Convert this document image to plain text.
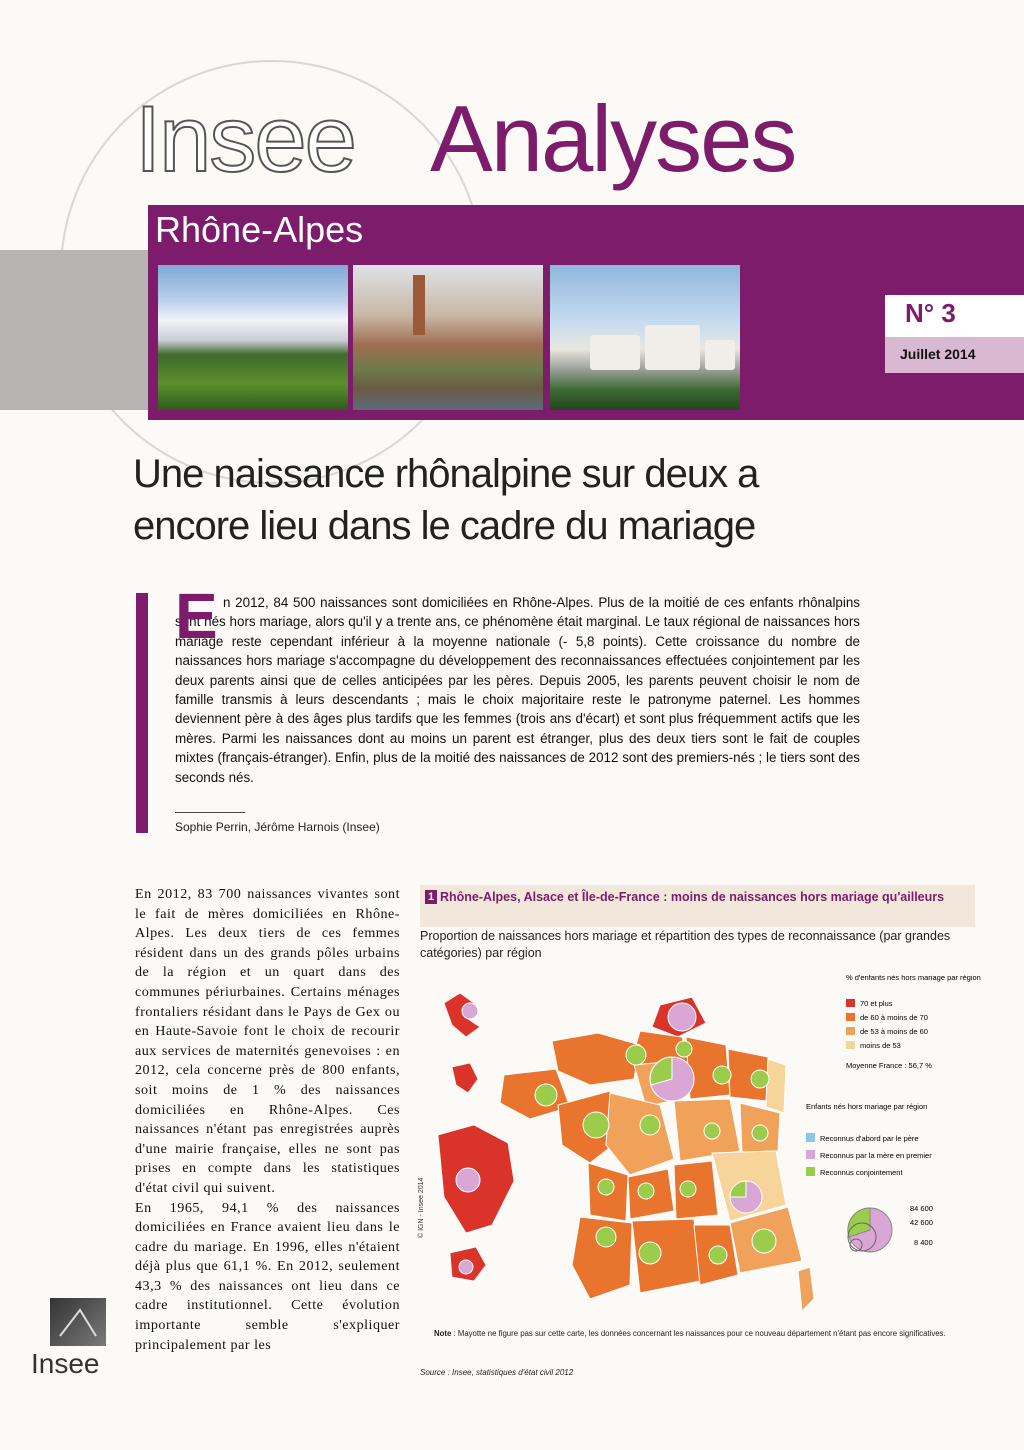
Insee Analyses
Rhône-Alpes
N° 3
Juillet 2014
Une naissance rhônalpine sur deux a encore lieu dans le cadre du mariage
n 2012, 84 500 naissances sont domiciliées en Rhône-Alpes. Plus de la moitié de ces enfants rhônalpins sont nés hors mariage, alors qu'il y a trente ans, ce phénomène était marginal. Le taux régional de naissances hors mariage reste cependant inférieur à la moyenne nationale (- 5,8 points). Cette croissance du nombre de naissances hors mariage s'accompagne du développement des reconnaissances effectuées conjointement par les deux parents ainsi que de celles anticipées par les pères. Depuis 2005, les parents peuvent choisir le nom de famille transmis à leurs descendants ; mais le choix majoritaire reste le patronyme paternel. Les hommes deviennent père à des âges plus tardifs que les femmes (trois ans d'écart) et sont plus fréquemment actifs que les mères. Parmi les naissances dont au moins un parent est étranger, plus des deux tiers sont le fait de couples mixtes (français-étranger). Enfin, plus de la moitié des naissances de 2012 sont des premiers-nés ; le tiers sont des seconds nés.
E
Sophie Perrin, Jérôme Harnois (Insee)

En 2012, 83 700 naissances vivantes sont le fait de mères domiciliées en Rhône-Alpes. Les deux tiers de ces femmes résident dans un des grands pôles urbains de la région et un quart dans des communes périurbaines. Certains ménages frontaliers résidant dans le Pays de Gex ou en Haute-Savoie font le choix de recourir aux services de maternités genevoises : en 2012, cela concerne près de 800 enfants, soit moins de 1 % des naissances domiciliées en Rhône-Alpes. Ces naissances n'étant pas enregistrées auprès d'une mairie française, elles ne sont pas prises en compte dans les statistiques d'état civil qui suivent.

En 1965, 94,1 % des naissances domiciliées en France avaient lieu dans le cadre du mariage. En 1996, elles n'étaient déjà plus que 61,1 %. En 2012, seulement 43,3 % des naissances ont lieu dans ce cadre institutionnel. Cette évolution importante semble s'expliquer principalement par les

Insee
1 Rhône-Alpes, Alsace et Île-de-France : moins de naissances hors mariage qu'ailleurs
Proportion de naissances hors mariage et répartition des types de reconnaissance (par grandes catégories) par région
% d'enfants nés hors mariage par région
70 et plus
de 60 à moins de 70
de 53 à moins de 60
moins de 53
Moyenne France : 56,7 %
Enfants nés hors mariage par région
Reconnus d'abord par le père
Reconnus par la mère en premier
Reconnus conjointement
84 600
42 600
8 400
© IGN - Insee 2014
Note : Mayotte ne figure pas sur cette carte, les données concernant les naissances pour ce nouveau département n'étant pas encore significatives.
Source : Insee, statistiques d'état civil 2012
